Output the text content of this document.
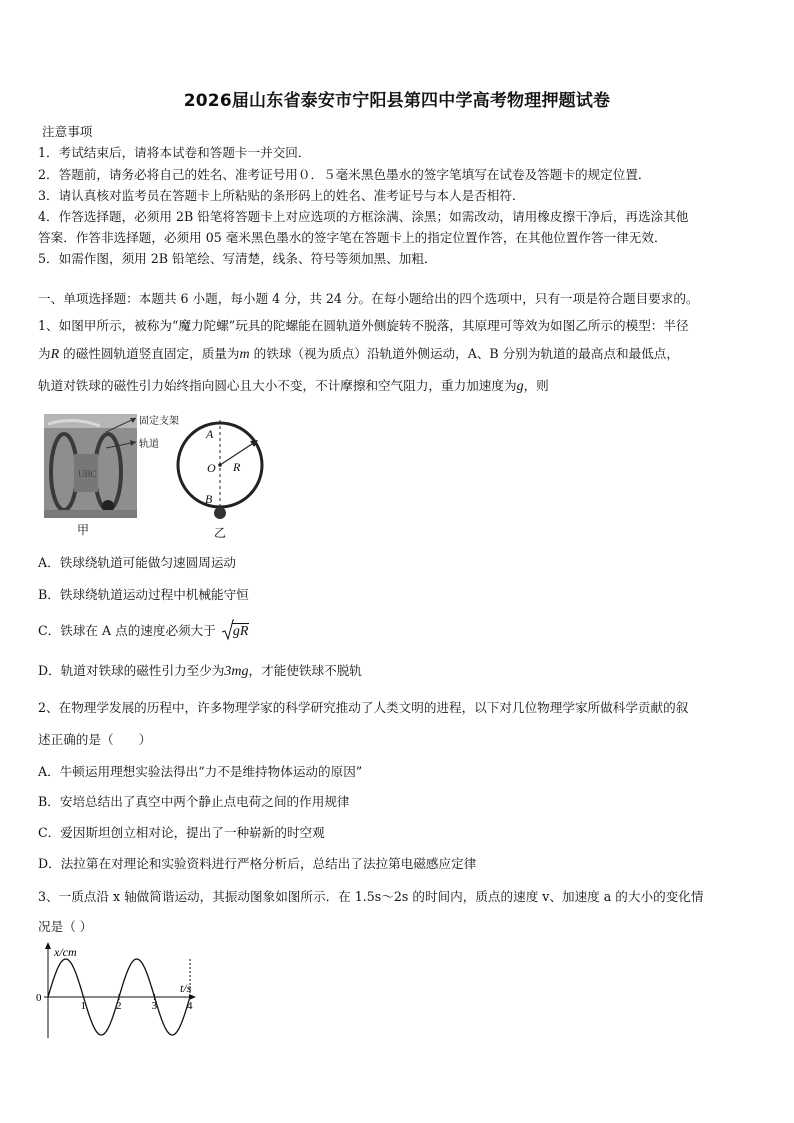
2026届山东省泰安市宁阳县第四中学高考物理押题试卷
注意事项
1．考试结束后，请将本试卷和答题卡一并交回．
2．答题前，请务必将自己的姓名、准考证号用０．５毫米黑色墨水的签字笔填写在试卷及答题卡的规定位置．
3．请认真核对监考员在答题卡上所粘贴的条形码上的姓名、准考证号与本人是否相符．
4．作答选择题，必须用 2B 铅笔将答题卡上对应选项的方框涂满、涂黑；如需改动，请用橡皮擦干净后，再选涂其他
答案．作答非选择题，必须用 05 毫米黑色墨水的签字笔在答题卡上的指定位置作答，在其他位置作答一律无效．
5．如需作图，须用 2B 铅笔绘、写清楚，线条、符号等须加黑、加粗．
一、单项选择题：本题共 6 小题，每小题 4 分，共 24 分。在每小题给出的四个选项中，只有一项是符合题目要求的。
1、如图甲所示，被称为“魔力陀螺”玩具的陀螺能在圆轨道外侧旋转不脱落，其原理可等效为如图乙所示的模型：半径
为R 的磁性圆轨道竖直固定，质量为m 的铁球（视为质点）沿轨道外侧运动，A、B 分别为轨道的最高点和最低点，
轨道对铁球的磁性引力始终指向圆心且大小不变，不计摩擦和空气阻力，重力加速度为g，则
UBC
固定支架
轨道
甲
A
O R
B
乙
A．铁球绕轨道可能做匀速圆周运动
B．铁球绕轨道运动过程中机械能守恒
C．铁球在 A 点的速度必须大于 gR
D．轨道对铁球的磁性引力至少为3mg，才能使铁球不脱轨
2、在物理学发展的历程中，许多物理学家的科学研究推动了人类文明的进程，以下对几位物理学家所做科学贡献的叙
述正确的是（　　）
A．牛顿运用理想实验法得出“力不是维持物体运动的原因”
B．安培总结出了真空中两个静止点电荷之间的作用规律
C．爱因斯坦创立相对论，提出了一种崭新的时空观
D．法拉第在对理论和实验资料进行严格分析后，总结出了法拉第电磁感应定律
3、一质点沿 x 轴做简谐运动，其振动图象如图所示．在 1.5s～2s 的时间内，质点的速度 v、加速度 a 的大小的变化情
况是（ ）
x/cm
t/s
0
1	2	3	4
